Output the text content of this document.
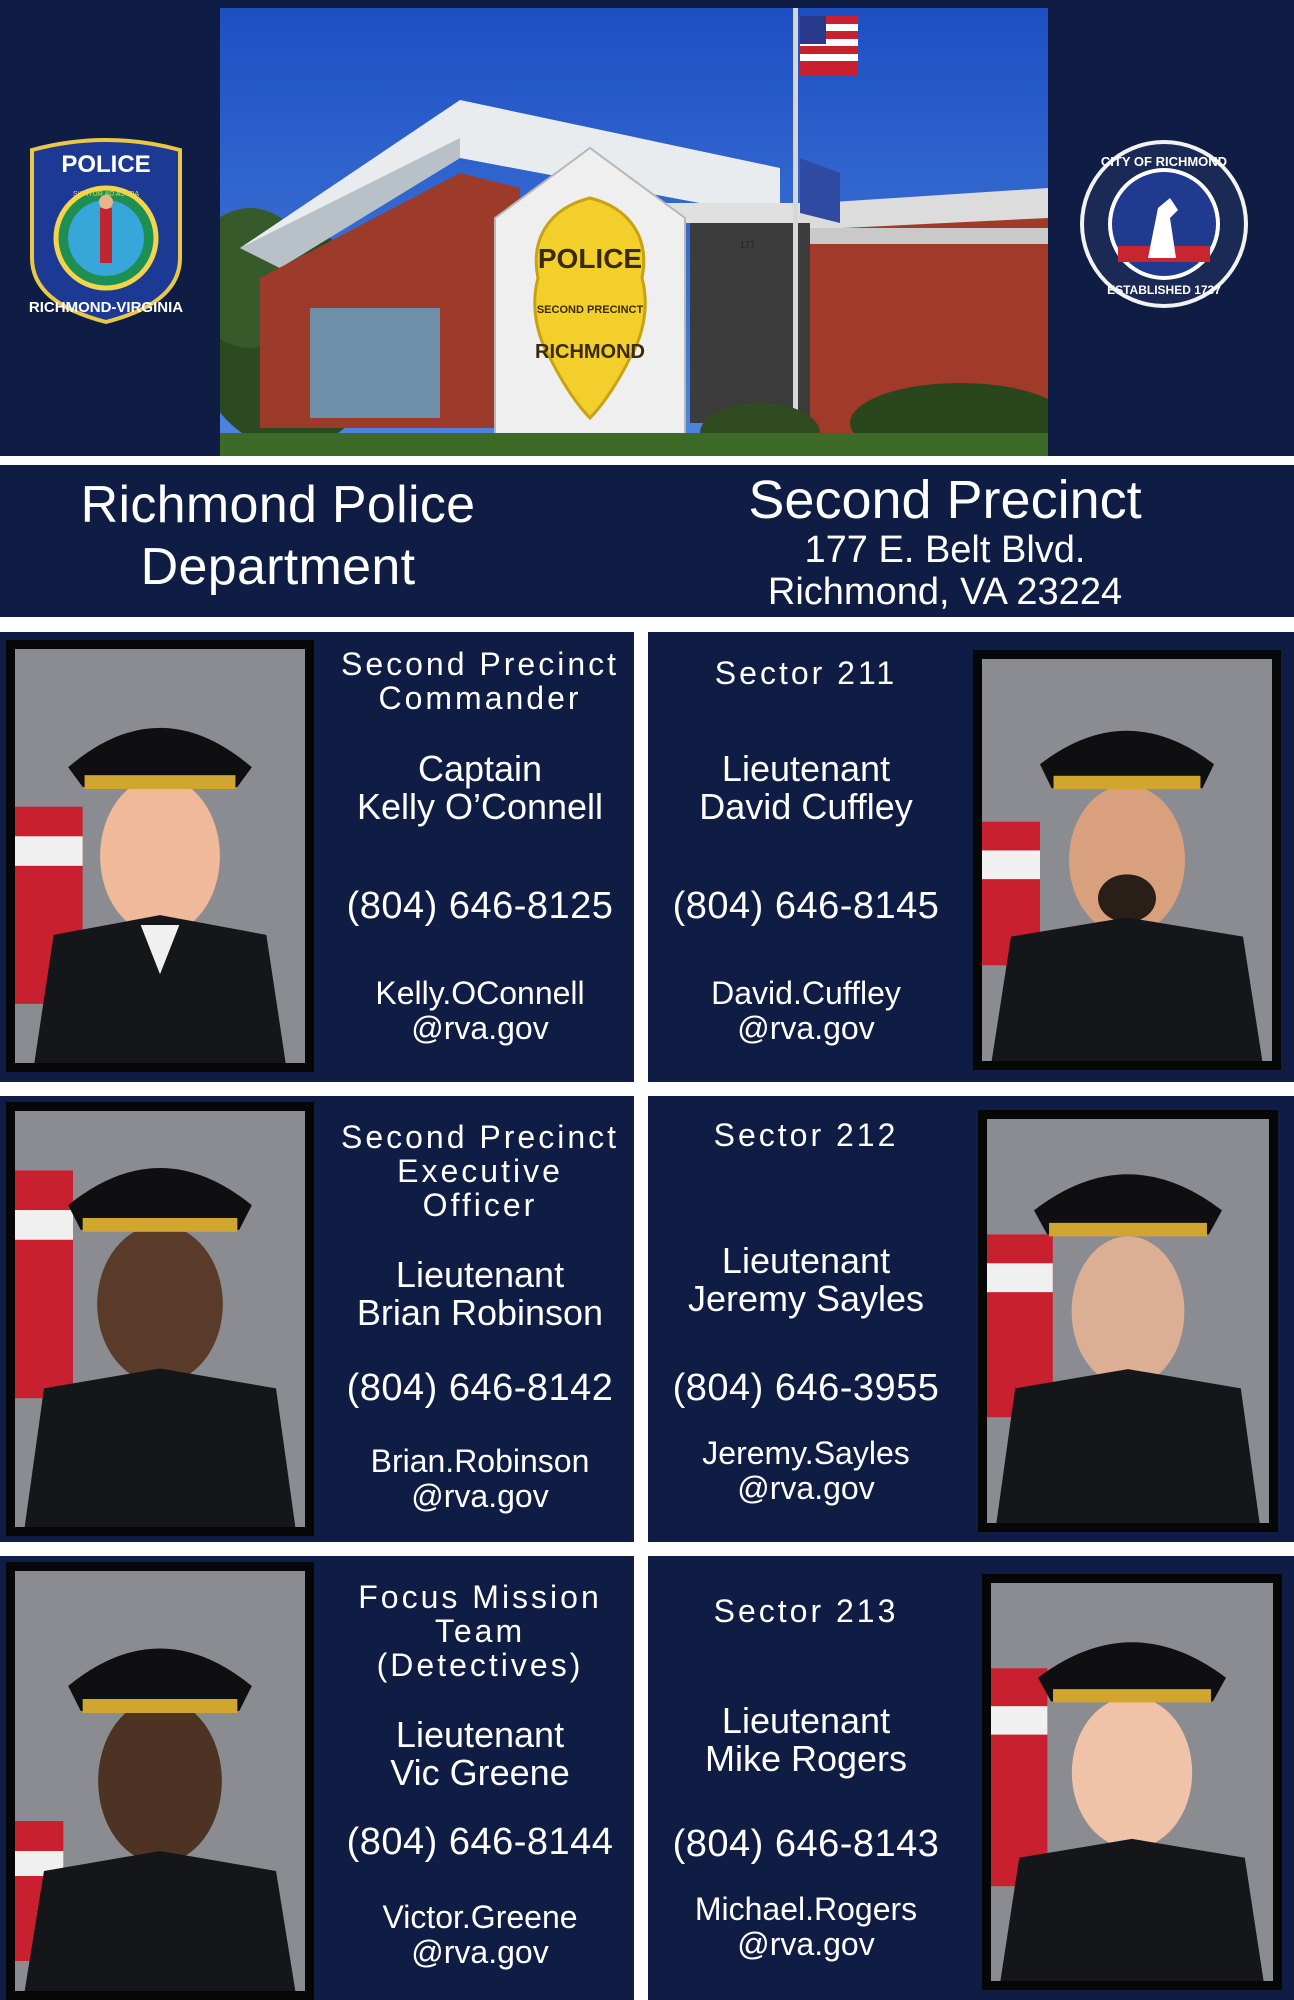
POLICE
SECOND PRECINCT
RICHMOND
177
POLICE
SIC ITUR AD ASTRA
RICHMOND-VIRGINIA
CITY OF RICHMOND
ESTABLISHED 1737
Richmond Police
Department
Second Precinct
177 E. Belt Blvd.
Richmond, VA 23224
Second Precinct
Commander
Captain
Kelly O’Connell
(804) 646-8125
Kelly.OConnell
@rva.gov
Sector 211
Lieutenant
David Cuffley
(804) 646-8145
David.Cuffley
@rva.gov
Second Precinct
Executive
Officer
Lieutenant
Brian Robinson
(804) 646-8142
Brian.Robinson
@rva.gov
Sector 212
Lieutenant
Jeremy Sayles
(804) 646-3955
Jeremy.Sayles
@rva.gov
Focus Mission
Team
(Detectives)
Lieutenant
Vic Greene
(804) 646-8144
Victor.Greene
@rva.gov
Sector 213
Lieutenant
Mike Rogers
(804) 646-8143
Michael.Rogers
@rva.gov
